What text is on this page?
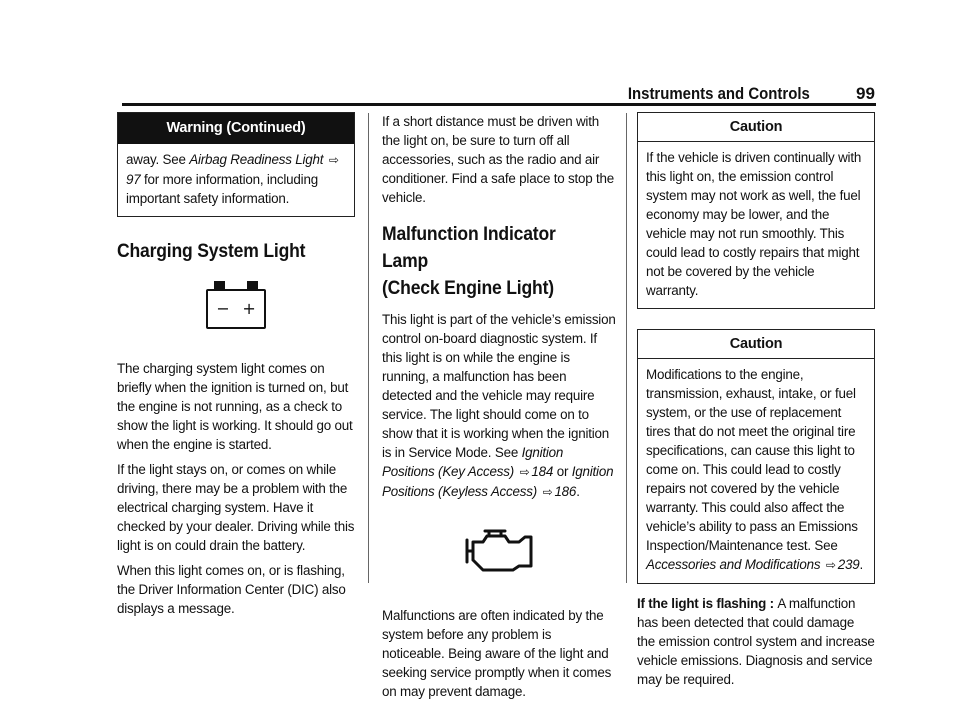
Instruments and Controls	99
Warning (Continued)
away. See Airbag Readiness Light ⇨97 for more information, including important safety information.
Charging System Light
− +

The charging system light comes on briefly when the ignition is turned on, but the engine is not running, as a check to show the light is working. It should go out when the engine is started.

If the light stays on, or comes on while driving, there may be a problem with the electrical charging system. Have it checked by your dealer. Driving while this light is on could drain the battery.

When this light comes on, or is flashing, the Driver Information Center (DIC) also displays a message.

If a short distance must be driven with the light on, be sure to turn off all accessories, such as the radio and air conditioner. Find a safe place to stop the vehicle.

Malfunction Indicator Lamp
(Check Engine Light)

This light is part of the vehicle’s emission control on-board diagnostic system. If this light is on while the engine is running, a malfunction has been detected and the vehicle may require service. The light should come on to show that it is working when the ignition is in Service Mode. See Ignition Positions (Key Access) ⇨ 184 or Ignition Positions (Keyless Access) ⇨ 186.

Malfunctions are often indicated by the system before any problem is noticeable. Being aware of the light and seeking service promptly when it comes on may prevent damage.

Caution
If the vehicle is driven continually with this light on, the emission control system may not work as well, the fuel economy may be lower, and the vehicle may not run smoothly. This could lead to costly repairs that might not be covered by the vehicle warranty.
Caution
Modifications to the engine, transmission, exhaust, intake, or fuel system, or the use of replacement tires that do not meet the original tire specifications, can cause this light to come on. This could lead to costly repairs not covered by the vehicle warranty. This could also affect the vehicle’s ability to pass an Emissions Inspection/Maintenance test. See Accessories and Modifications ⇨ 239.

If the light is flashing : A malfunction has been detected that could damage the emission control system and increase vehicle emissions. Diagnosis and service may be required.
